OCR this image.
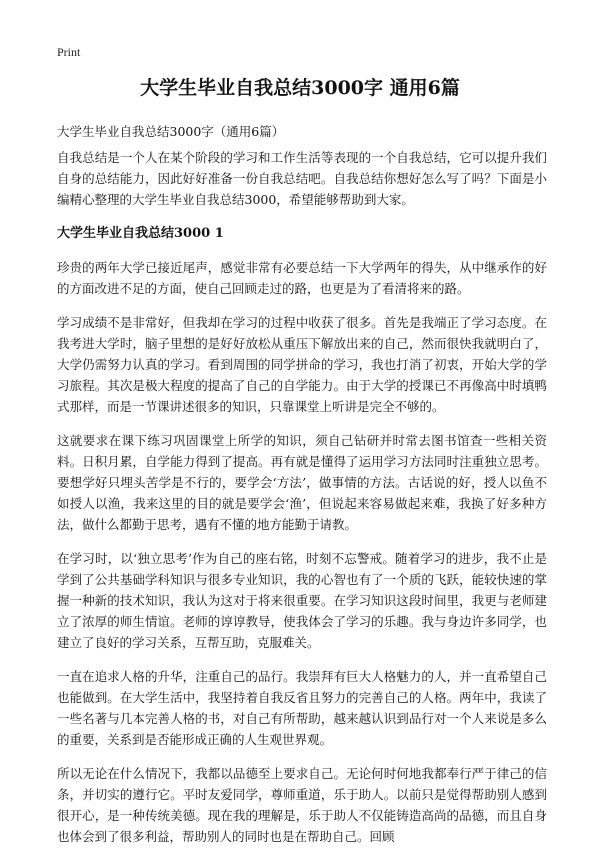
Print
大学生毕业自我总结3000字 通用6篇

大学生毕业自我总结3000字（通用6篇）

自我总结是一个人在某个阶段的学习和工作生活等表现的一个自我总结，它可以提升我们自身的总结能力，因此好好准备一份自我总结吧。自我总结你想好怎么写了吗？下面是小编精心整理的大学生毕业自我总结3000，希望能够帮助到大家。

大学生毕业自我总结3000 1

珍贵的两年大学已接近尾声，感觉非常有必要总结一下大学两年的得失，从中继承作的好的方面改进不足的方面，使自己回顾走过的路，也更是为了看清将来的路。

学习成绩不是非常好，但我却在学习的过程中收获了很多。首先是我端正了学习态度。在我考进大学时，脑子里想的是好好放松从重压下解放出来的自己，然而很快我就明白了，大学仍需努力认真的学习。看到周围的同学拼命的学习，我也打消了初衷，开始大学的学习旅程。其次是极大程度的提高了自己的自学能力。由于大学的授课已不再像高中时填鸭式那样，而是一节课讲述很多的知识，只靠课堂上听讲是完全不够的。

这就要求在课下练习巩固课堂上所学的知识，须自己钻研并时常去图书馆查一些相关资料。日积月累，自学能力得到了提高。再有就是懂得了运用学习方法同时注重独立思考。要想学好只埋头苦学是不行的，要学会‘方法’，做事情的方法。古话说的好，授人以鱼不如授人以渔，我来这里的目的就是要学会‘渔’，但说起来容易做起来难，我换了好多种方法，做什么都勤于思考，遇有不懂的地方能勤于请教。

在学习时，以‘独立思考’作为自己的座右铭，时刻不忘警戒。随着学习的进步，我不止是学到了公共基础学科知识与很多专业知识，我的心智也有了一个质的飞跃，能较快速的掌握一种新的技术知识，我认为这对于将来很重要。在学习知识这段时间里，我更与老师建立了浓厚的师生情谊。老师的谆谆教导，使我体会了学习的乐趣。我与身边许多同学，也建立了良好的学习关系，互帮互助，克服难关。

一直在追求人格的升华，注重自己的品行。我崇拜有巨大人格魅力的人，并一直希望自己也能做到。在大学生活中，我坚持着自我反省且努力的完善自己的人格。两年中，我读了一些名著与几本完善人格的书，对自己有所帮助，越来越认识到品行对一个人来说是多么的重要，关系到是否能形成正确的人生观世界观。

所以无论在什么情况下，我都以品德至上要求自己。无论何时何地我都奉行严于律己的信条，并切实的遵行它。平时友爱同学，尊师重道，乐于助人。以前只是觉得帮助别人感到很开心，是一种传统美德。现在我的理解是，乐于助人不仅能铸造高尚的品德，而且自身也体会到了很多利益，帮助别人的同时也是在帮助自己。回顾
